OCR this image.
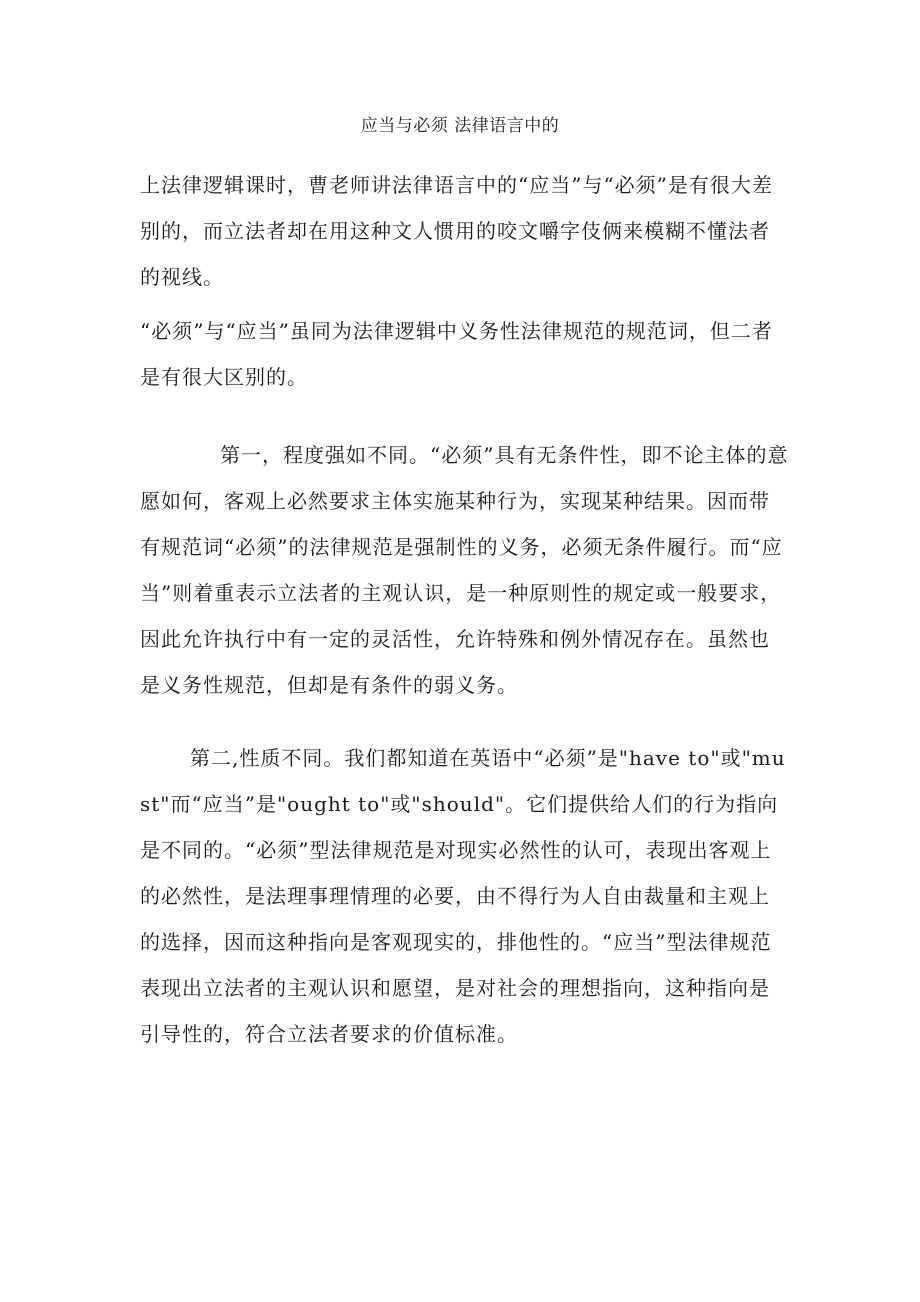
应当与必须 法律语言中的

上法律逻辑课时，曹老师讲法律语言中的“应当”与“必须”是有很大差别的，而立法者却在用这种文人惯用的咬文嚼字伎俩来模糊不懂法者的视线。

“必须”与“应当”虽同为法律逻辑中义务性法律规范的规范词，但二者是有很大区别的。

第一，程度强如不同。“必须”具有无条件性，即不论主体的意愿如何，客观上必然要求主体实施某种行为，实现某种结果。因而带有规范词“必须”的法律规范是强制性的义务，必须无条件履行。而“应当”则着重表示立法者的主观认识，是一种原则性的规定或一般要求，因此允许执行中有一定的灵活性，允许特殊和例外情况存在。虽然也是义务性规范，但却是有条件的弱义务。

第二,性质不同。我们都知道在英语中“必须”是"have to"或"must"而“应当”是"ought to"或"should"。它们提供给人们的行为指向是不同的。“必须”型法律规范是对现实必然性的认可，表现出客观上的必然性，是法理事理情理的必要，由不得行为人自由裁量和主观上的选择，因而这种指向是客观现实的，排他性的。“应当”型法律规范表现出立法者的主观认识和愿望，是对社会的理想指向，这种指向是引导性的，符合立法者要求的价值标准。
